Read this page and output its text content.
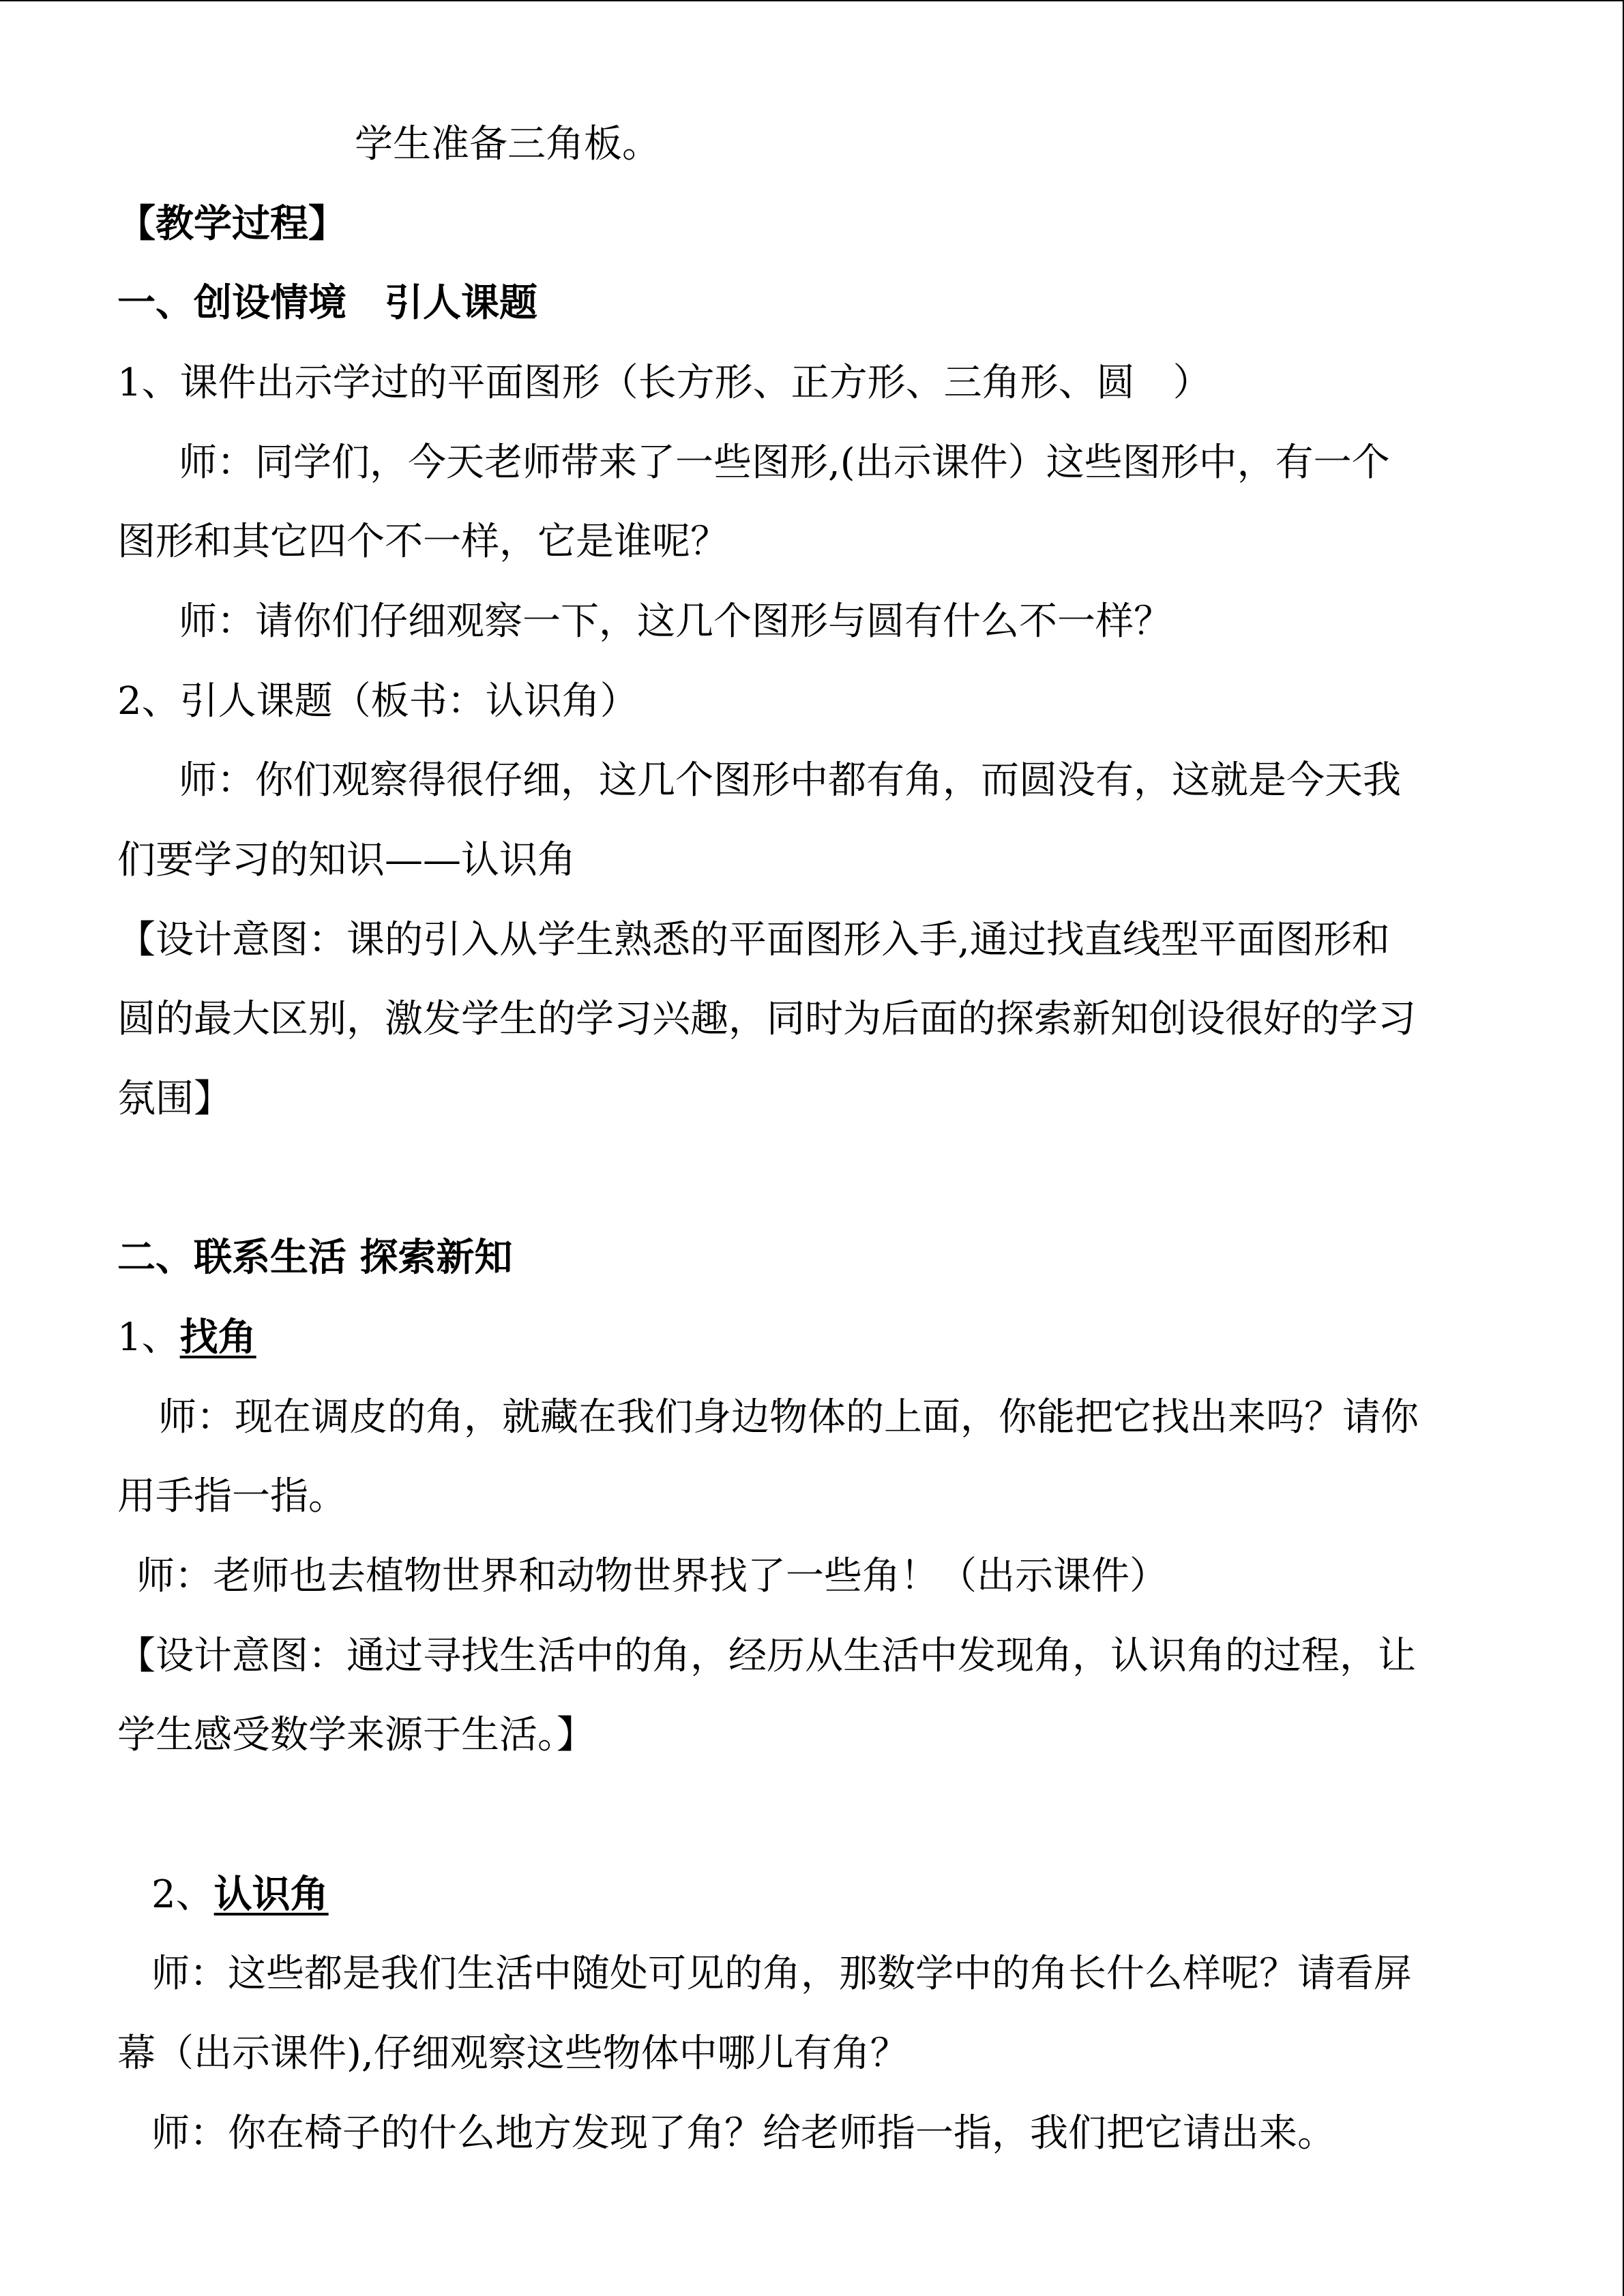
学生准备三角板。
【教学过程】
一、创设情境　引人课题
1、课件出示学过的平面图形（长方形、正方形、三角形、圆　）
师：同学们，今天老师带来了一些图形,(出示课件）这些图形中，有一个
图形和其它四个不一样，它是谁呢？
师：请你们仔细观察一下，这几个图形与圆有什么不一样？
2、引人课题（板书：认识角）
师：你们观察得很仔细，这几个图形中都有角，而圆没有，这就是今天我
们要学习的知识——认识角
【设计意图：课的引入从学生熟悉的平面图形入手,通过找直线型平面图形和
圆的最大区别，激发学生的学习兴趣，同时为后面的探索新知创设很好的学习
氛围】
二、联系生活 探索新知
1、找角
师：现在调皮的角，就藏在我们身边物体的上面，你能把它找出来吗？请你
用手指一指。
师：老师也去植物世界和动物世界找了一些角！（出示课件）
【设计意图：通过寻找生活中的角，经历从生活中发现角，认识角的过程，让
学生感受数学来源于生活。】
2、认识角
师：这些都是我们生活中随处可见的角，那数学中的角长什么样呢？请看屏
幕（出示课件),仔细观察这些物体中哪儿有角？
师：你在椅子的什么地方发现了角？给老师指一指，我们把它请出来。
